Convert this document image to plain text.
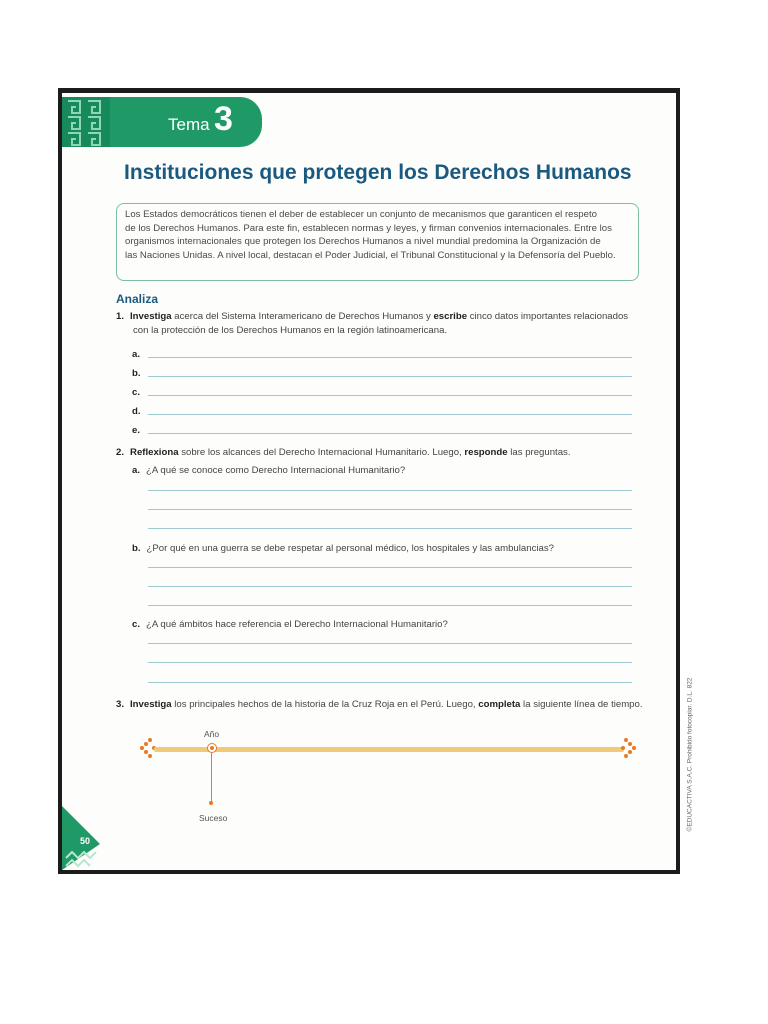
Tema 3
Instituciones que protegen los Derechos Humanos
Los Estados democráticos tienen el deber de establecer un conjunto de mecanismos que garanticen el respeto
de los Derechos Humanos. Para este fin, establecen normas y leyes, y firman convenios internacionales. Entre los
organismos internacionales que protegen los Derechos Humanos a nivel mundial predomina la Organización de
las Naciones Unidas. A nivel local, destacan el Poder Judicial, el Tribunal Constitucional y la Defensoría del Pueblo.
Analiza
1. Investiga acerca del Sistema Interamericano de Derechos Humanos y escribe cinco datos importantes relacionados
con la protección de los Derechos Humanos en la región latinoamericana.
a.
b.
c.
d.
e.
2. Reflexiona sobre los alcances del Derecho Internacional Humanitario. Luego, responde las preguntas.
a. ¿A qué se conoce como Derecho Internacional Humanitario?
b. ¿Por qué en una guerra se debe respetar al personal médico, los hospitales y las ambulancias?
c. ¿A qué ámbitos hace referencia el Derecho Internacional Humanitario?
3. Investiga los principales hechos de la historia de la Cruz Roja en el Perú. Luego, completa la siguiente línea de tiempo.
Año
Suceso	©EDUCACTIVA S.A.C. Prohibido fotocopiar. D.L. 822
50
